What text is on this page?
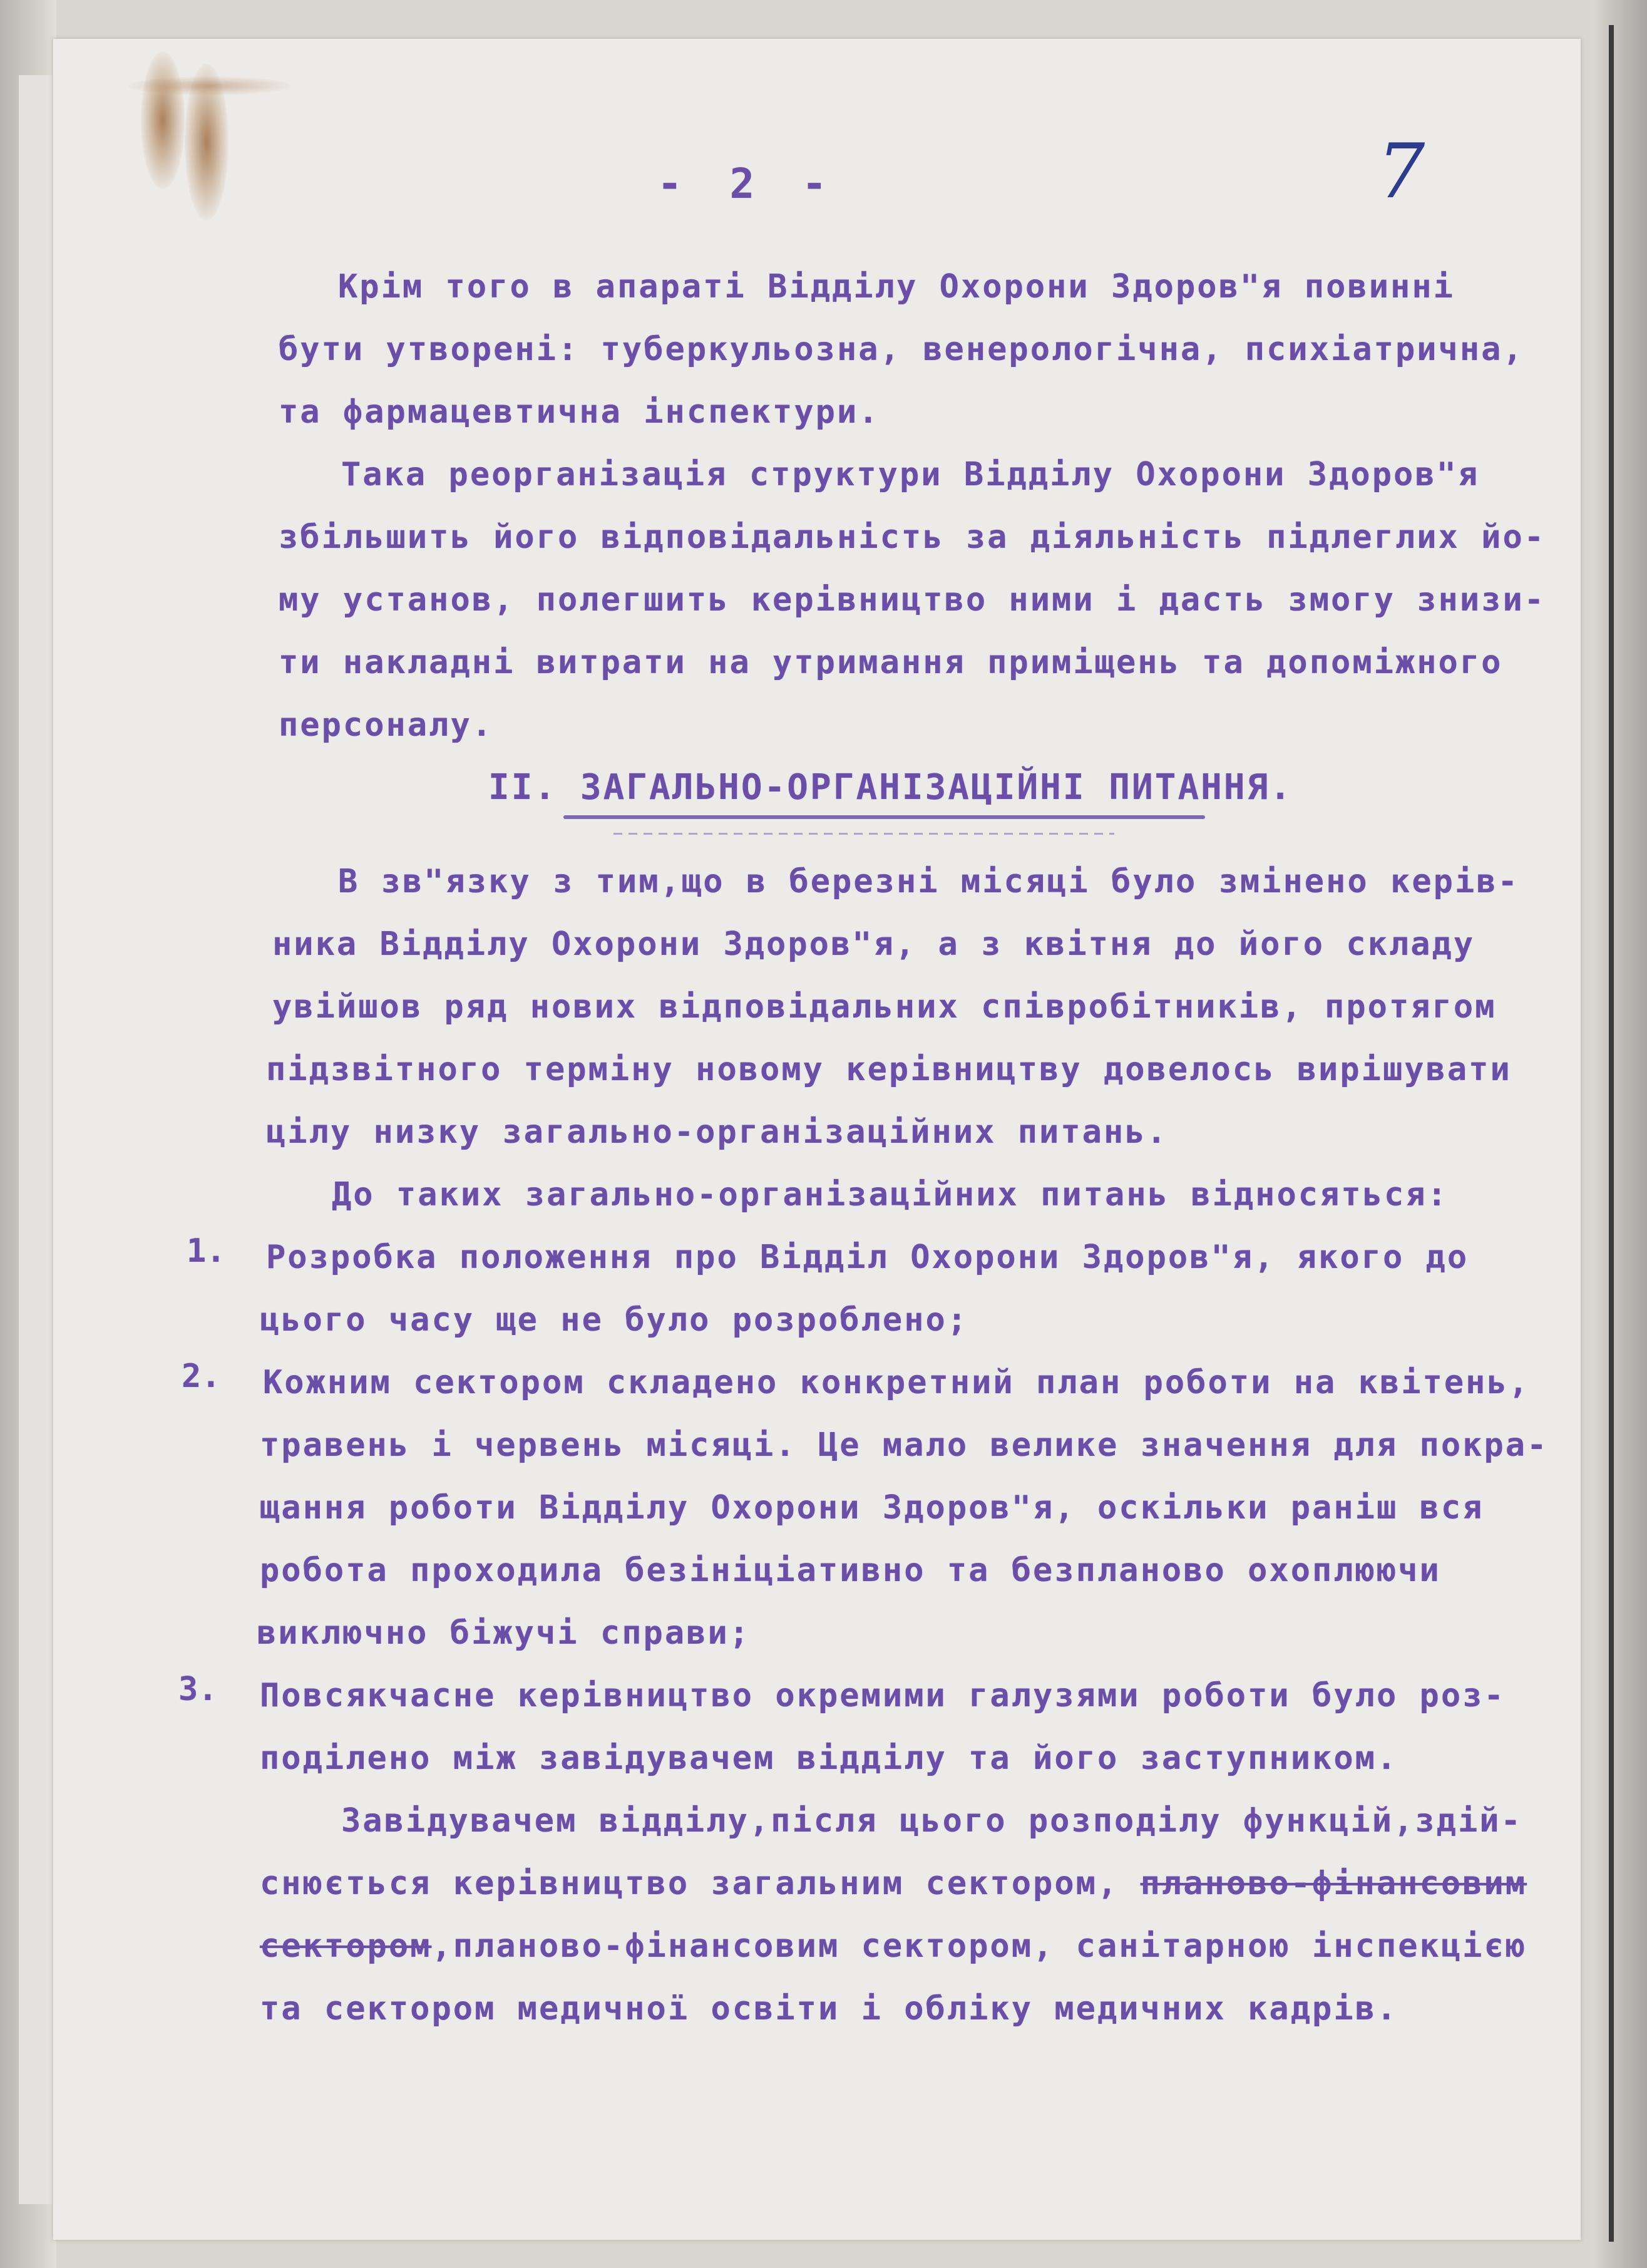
- 2 -	7
Крім того в апараті Відділу Охорони Здоров"я повинні
бути утворені: туберкульозна, венерологічна, психіатрична,
та фармацевтична інспектури.
Така реорганізація структури Відділу Охорони Здоров"я
збільшить його відповідальність за діяльність підлеглих йо-
му установ, полегшить керівництво ними і дасть змогу знизи-
ти накладні витрати на утримання приміщень та допоміжного
персоналу.
ІІ. ЗАГАЛЬНО-ОРГАНІЗАЦІЙНІ ПИТАННЯ.
В зв"язку з тим,що в березні місяці було змінено керів-
ника Відділу Охорони Здоров"я, а з квітня до його складу
увійшов ряд нових відповідальних співробітників, протягом
підзвітного терміну новому керівництву довелось вирішувати
цілу низку загально-організаційних питань.
До таких загально-організаційних питань відносяться:
1. Розробка положення про Відділ Охорони Здоров"я, якого до
цього часу ще не було розроблено;
2. Кожним сектором складено конкретний план роботи на квітень,
травень і червень місяці. Це мало велике значення для покра-
щання роботи Відділу Охорони Здоров"я, оскільки раніш вся
робота проходила безініціативно та безпланово охоплюючи
виключно біжучі справи;
3. Повсякчасне керівництво окремими галузями роботи було роз-
поділено між завідувачем відділу та його заступником.
Завідувачем відділу,після цього розподілу функцій,здій-
снюється керівництво загальним сектором, планово-фінансовим
сектором,планово-фінансовим сектором, санітарною інспекцією
та сектором медичної освіти і обліку медичних кадрів.
